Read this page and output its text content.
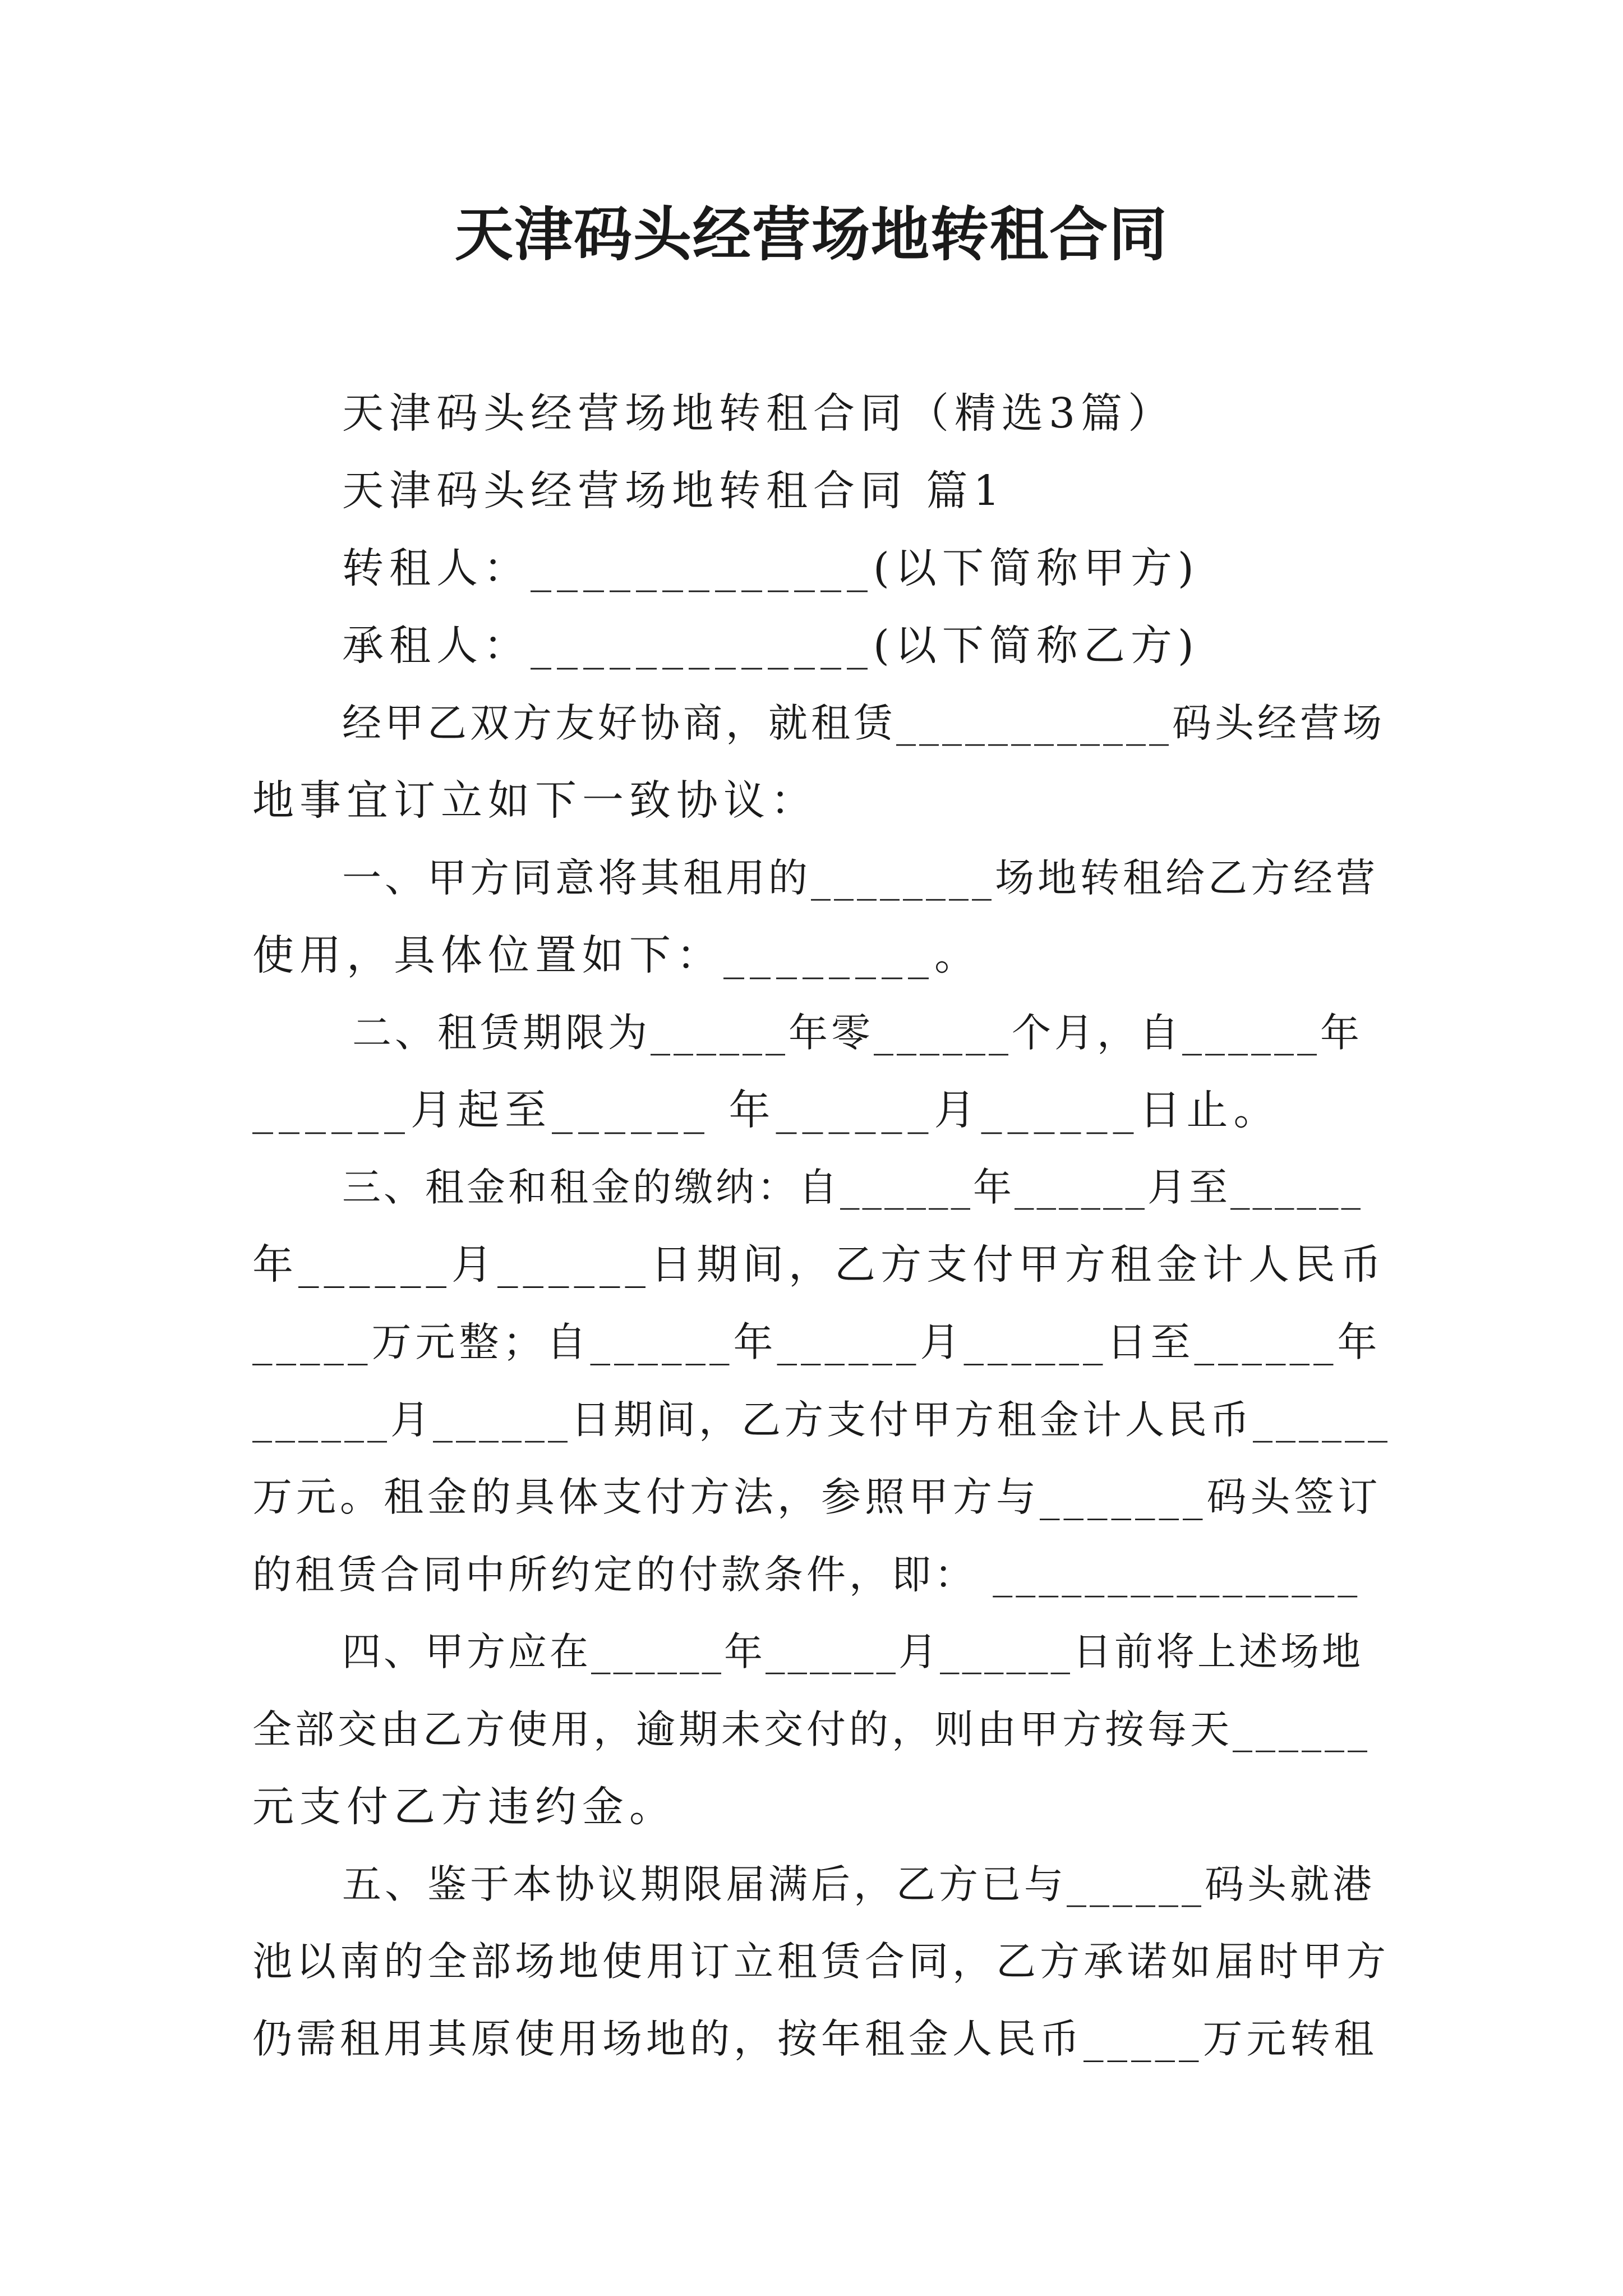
天津码头经营场地转租合同
天津码头经营场地转租合同（精选3篇）
天津码头经营场地转租合同 篇1
转租人：_____________(以下简称甲方)
承租人：_____________(以下简称乙方)
经甲乙双方友好协商，就租赁____________码头经营场
地事宜订立如下一致协议：
一、甲方同意将其租用的________场地转租给乙方经营
使用，具体位置如下：________。
二、租赁期限为______年零______个月，自______年
______月起至______ 年______月______日止。
三、租金和租金的缴纳：自______年______月至______
年______月______日期间，乙方支付甲方租金计人民币
_____万元整；自______年______月______日至______年
______月______日期间，乙方支付甲方租金计人民币______
万元。租金的具体支付方法，参照甲方与_______码头签订
的租赁合同中所约定的付款条件，即： ________________
四、甲方应在______年______月______日前将上述场地
全部交由乙方使用，逾期未交付的，则由甲方按每天______
元支付乙方违约金。
五、鉴于本协议期限届满后，乙方已与______码头就港
池以南的全部场地使用订立租赁合同，乙方承诺如届时甲方
仍需租用其原使用场地的，按年租金人民币_____万元转租
